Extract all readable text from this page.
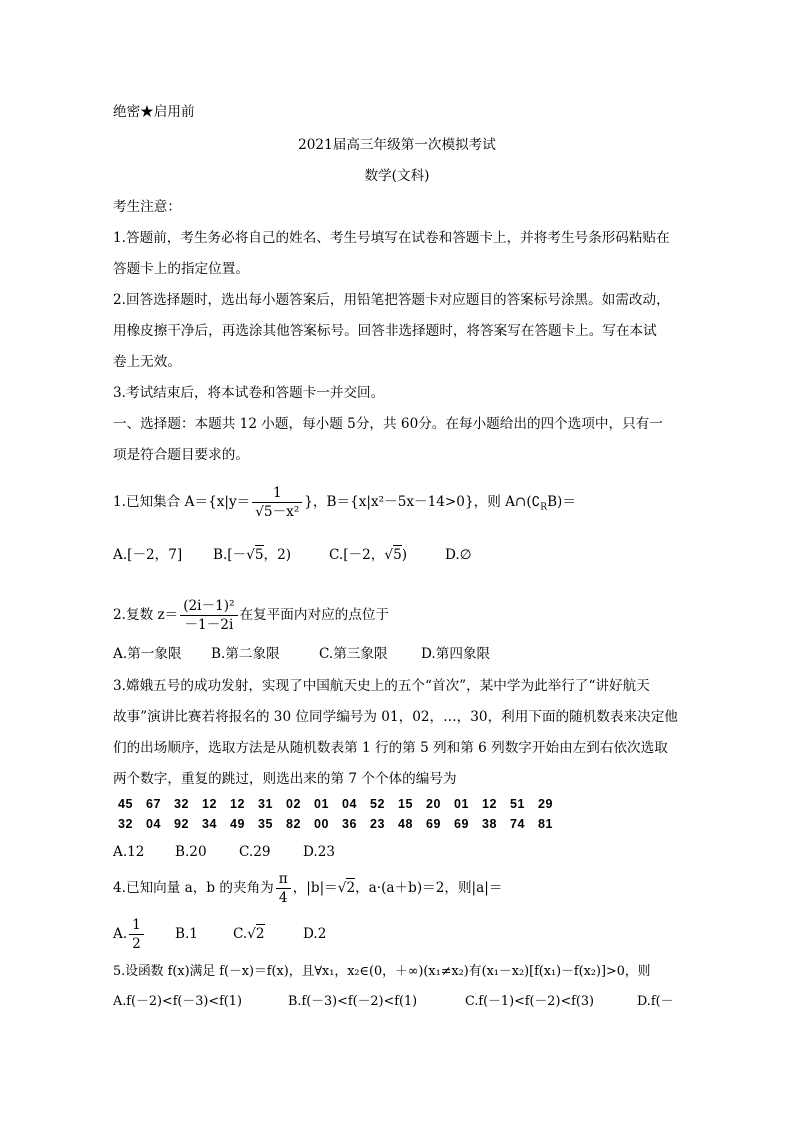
绝密★启用前
2021届高三年级第一次模拟考试
数学(文科)
考生注意：
1.答题前，考生务必将自己的姓名、考生号填写在试卷和答题卡上，并将考生号条形码粘贴在
答题卡上的指定位置。
2.回答选择题时，选出每小题答案后，用铅笔把答题卡对应题目的答案标号涂黑。如需改动，
用橡皮擦干净后，再选涂其他答案标号。回答非选择题时，将答案写在答题卡上。写在本试
卷上无效。
3.考试结束后，将本试卷和答题卡一并交回。
一、选择题：本题共 12 小题，每小题 5分，共 60分。在每小题给出的四个选项中，只有一
项是符合题目要求的。
1.已知集合 $A=\{x|y= \frac{1}{\text{√5－x²}}$ }，B＝{x|x²－5x－14>0}，则 $A\cap(∁_RB)=$
A.[－2，7] B.[－√5，2)	C.[－2，√5)	D.∅
2.复数 $z= \frac{\text{(2i－1)²}}{-1-2i}$ 在复平面内对应的点位于
A.第一象限 B.第二象限	C.第三象限 D.第四象限
3.嫦娥五号的成功发射，实现了中国航天史上的五个“首次”，某中学为此举行了“讲好航天
故事”演讲比赛若将报名的 30 位同学编号为 01，02，…，30，利用下面的随机数表来决定他
们的出场顺序，选取方法是从随机数表第 1 行的第 5 列和第 6 列数字开始由左到右依次选取
两个数字，重复的跳过，则选出来的第 7 个个体的编号为

45 67 32 12 12 31 02 01 04 52 15 20 01 12 51 29
32 04 92 34 49 35 82 00 36 23 48 69 69 38 74 81
A.12 B.20 C.29 D.23
4.已知向量 a，b 的夹角为 $\frac{\pi}{4}$ ，|b|＝√2，a·(a＋b)＝2，则|a|＝
A. $\frac{1}{2} B.1$	C.√2	D.2
5.设函数 f(x)满足 f(－x)＝f(x)，且∀x₁，x₂∈(0，＋∞)(x₁≠x₂)有(x₁－x₂)[f(x₁)－f(x₂)]>0，则
A.f(－2)<f(－3)<f(1)	B.f(－3)<f(－2)<f(1)	C.f(－1)<f(－2)<f(3)	D.f(－
